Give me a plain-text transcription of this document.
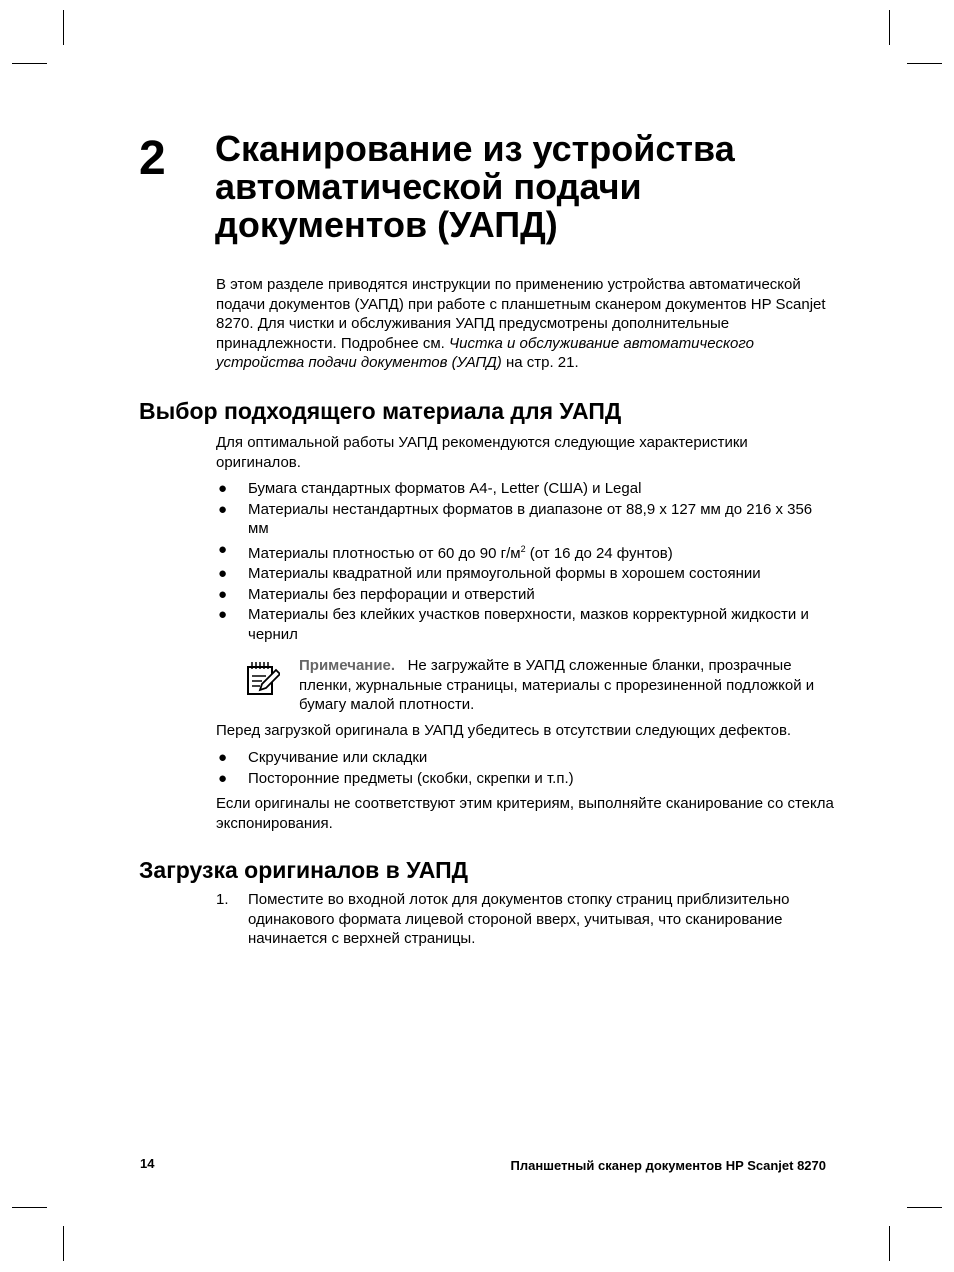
2 Сканирование из устройства
автоматической подачи
документов (УАПД)

В этом разделе приводятся инструкции по применению устройства автоматической подачи документов (УАПД) при работе с планшетным сканером документов HP Scanjet 8270. Для чистки и обслуживания УАПД предусмотрены дополнительные принадлежности. Подробнее см. Чистка и обслуживание автоматического устройства подачи документов (УАПД) на стр. 21.

Выбор подходящего материала для УАПД

Для оптимальной работы УАПД рекомендуются следующие характеристики оригиналов.

● Бумага стандартных форматов A4-, Letter (США) и Legal
● Материалы нестандартных форматов в диапазоне от 88,9 x 127 мм до 216 x 356 мм
● Материалы плотностью от 60 до 90 $г/м^2$ (от 16 до 24 фунтов)
● Материалы квадратной или прямоугольной формы в хорошем состоянии
● Материалы без перфорации и отверстий
● Материалы без клейких участков поверхности, мазков корректурной жидкости и чернил

Примечание. Не загружайте в УАПД сложенные бланки, прозрачные пленки, журнальные страницы, материалы с прорезиненной подложкой и бумагу малой плотности.

Перед загрузкой оригинала в УАПД убедитесь в отсутствии следующих дефектов.

● Скручивание или складки
● Посторонние предметы (скобки, скрепки и т.п.)

Если оригиналы не соответствуют этим критериям, выполняйте сканирование со стекла экспонирования.

Загрузка оригиналов в УАПД
1. Поместите во входной лоток для документов стопку страниц приблизительно одинакового формата лицевой стороной вверх, учитывая, что сканирование начинается с верхней страницы.
14	Планшетный сканер документов HP Scanjet 8270
